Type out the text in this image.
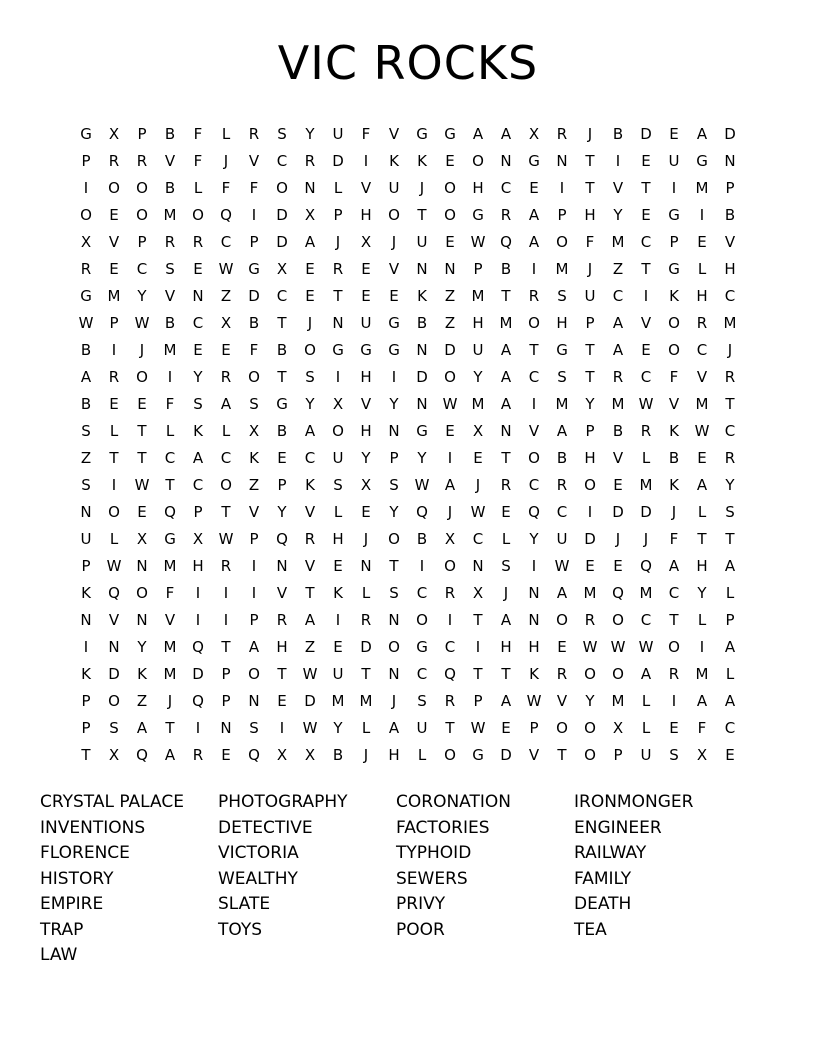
VIC ROCKS
G	X	P	B	F	L	R	S	Y	U	F	V	G	G	A	A	X	R	J	B	D	E	A	D
P	R	R	V	F	J	V	C	R	D	I	K	K	E	O	N	G	N	T	I	E	U	G	N
I	O	O	B	L	F	F	O	N	L	V	U	J	O	H	C	E	I	T	V	T	I	M	P
O	E	O	M	O	Q	I	D	X	P	H	O	T	O	G	R	A	P	H	Y	E	G	I	B
X	V	P	R	R	C	P	D	A	J	X	J	U	E	W	Q	A	O	F	M	C	P	E	V
R	E	C	S	E	W	G	X	E	R	E	V	N	N	P	B	I	M	J	Z	T	G	L	H
G	M	Y	V	N	Z	D	C	E	T	E	E	K	Z	M	T	R	S	U	C	I	K	H	C
W	P	W	B	C	X	B	T	J	N	U	G	B	Z	H	M	O	H	P	A	V	O	R	M
B	I	J	M	E	E	F	B	O	G	G	G	N	D	U	A	T	G	T	A	E	O	C	J
A	R	O	I	Y	R	O	T	S	I	H	I	D	O	Y	A	C	S	T	R	C	F	V	R
B	E	E	F	S	A	S	G	Y	X	V	Y	N	W	M	A	I	M	Y	M	W	V	M	T
S	L	T	L	K	L	X	B	A	O	H	N	G	E	X	N	V	A	P	B	R	K	W	C
Z	T	T	C	A	C	K	E	C	U	Y	P	Y	I	E	T	O	B	H	V	L	B	E	R
S	I	W	T	C	O	Z	P	K	S	X	S	W	A	J	R	C	R	O	E	M	K	A	Y
N	O	E	Q	P	T	V	Y	V	L	E	Y	Q	J	W	E	Q	C	I	D	D	J	L	S
U	L	X	G	X	W	P	Q	R	H	J	O	B	X	C	L	Y	U	D	J	J	F	T	T
P	W	N	M	H	R	I	N	V	E	N	T	I	O	N	S	I	W	E	E	Q	A	H	A
K	Q	O	F	I	I	I	V	T	K	L	S	C	R	X	J	N	A	M	Q	M	C	Y	L
N	V	N	V	I	I	P	R	A	I	R	N	O	I	T	A	N	O	R	O	C	T	L	P
I	N	Y	M	Q	T	A	H	Z	E	D	O	G	C	I	H	H	E	W	W	W	O	I	A
K	D	K	M	D	P	O	T	W	U	T	N	C	Q	T	T	K	R	O	O	A	R	M	L
P	O	Z	J	Q	P	N	E	D	M	M	J	S	R	P	A	W	V	Y	M	L	I	A	A
P	S	A	T	I	N	S	I	W	Y	L	A	U	T	W	E	P	O	O	X	L	E	F	C
T	X	Q	A	R	E	Q	X	X	B	J	H	L	O	G	D	V	T	O	P	U	S	X	E
CRYSTAL PALACE
INVENTIONS
FLORENCE
HISTORY
EMPIRE
TRAP
LAW
PHOTOGRAPHY
DETECTIVE
VICTORIA
WEALTHY
SLATE
TOYS
CORONATION
FACTORIES
TYPHOID
SEWERS
PRIVY
POOR
IRONMONGER
ENGINEER
RAILWAY
FAMILY
DEATH
TEA
